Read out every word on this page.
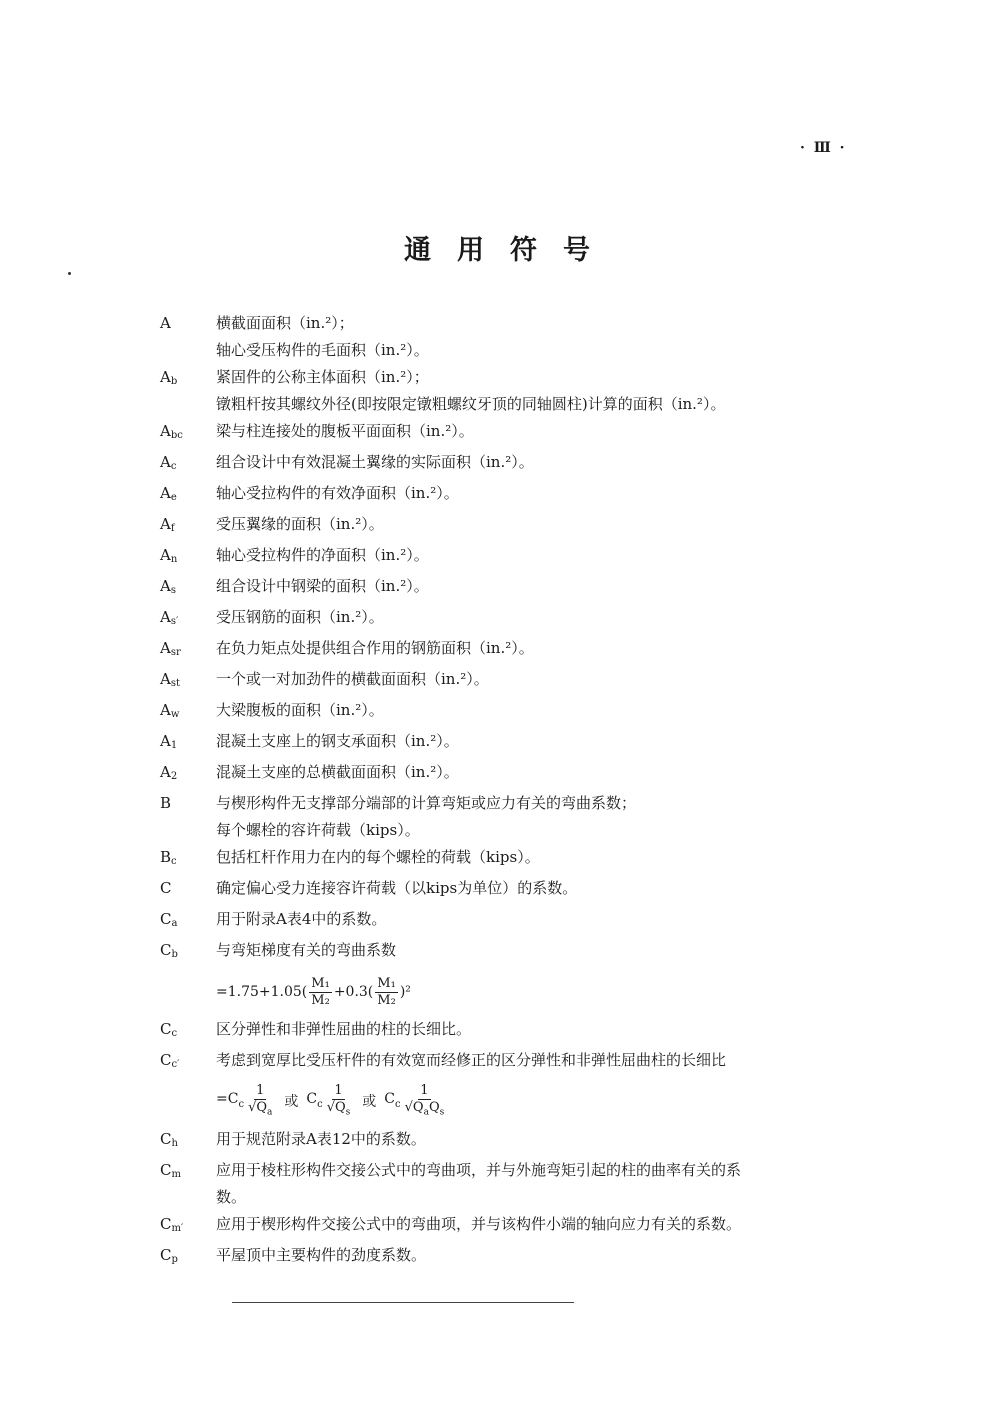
· Ⅲ ·
通用符号
A	横截面面积（in.²）；
轴心受压构件的毛面积（in.²）。
$A_b$	紧固件的公称主体面积（in.²）；
镦粗杆按其螺纹外径(即按限定镦粗螺纹牙顶的同轴圆柱)计算的面积（in.²）。
$A_{bc}$	梁与柱连接处的腹板平面面积（in.²）。
$A_c$	组合设计中有效混凝土翼缘的实际面积（in.²）。
$A_e$	轴心受拉构件的有效净面积（in.²）。
$A_f$	受压翼缘的面积（in.²）。
$A_n$	轴心受拉构件的净面积（in.²）。
$A_s$	组合设计中钢梁的面积（in.²）。
$A_{s'}$	受压钢筋的面积（in.²）。
$A_{sr}$	在负力矩点处提供组合作用的钢筋面积（in.²）。
$A_{st}$	一个或一对加劲件的横截面面积（in.²）。
$A_w$	大梁腹板的面积（in.²）。
$A_1$	混凝土支座上的钢支承面积（in.²）。
$A_2$	混凝土支座的总横截面面积（in.²）。
B	与楔形构件无支撑部分端部的计算弯矩或应力有关的弯曲系数；
每个螺栓的容许荷载（kips）。
$B_c$	包括杠杆作用力在内的每个螺栓的荷载（kips）。
C	确定偏心受力连接容许荷载（以kips为单位）的系数。
$C_a$	用于附录A表4中的系数。
$C_b$	与弯矩梯度有关的弯曲系数
$=1.75+1.05( \frac{\text{M₁}}{\text{M₂}} +0.3( \frac{\text{M₁}}{\text{M₂}} )^2$
$C_c$	区分弹性和非弹性屈曲的柱的长细比。
$C_{c'}$	考虑到宽厚比受压杆件的有效宽而经修正的区分弹性和非弹性屈曲柱的长细比
$=C_c \frac{1}{√Q_a}$ 或 $C_c \frac{1}{√Q_s}$ 或 $C_c \frac{1}{√Q_aQ_s}$
$C_h$	用于规范附录A表12中的系数。
$C_m$	应用于棱柱形构件交接公式中的弯曲项，并与外施弯矩引起的柱的曲率有关的系
数。
$C_{m'}$	应用于楔形构件交接公式中的弯曲项，并与该构件小端的轴向应力有关的系数。
$C_p$	平屋顶中主要构件的劲度系数。
